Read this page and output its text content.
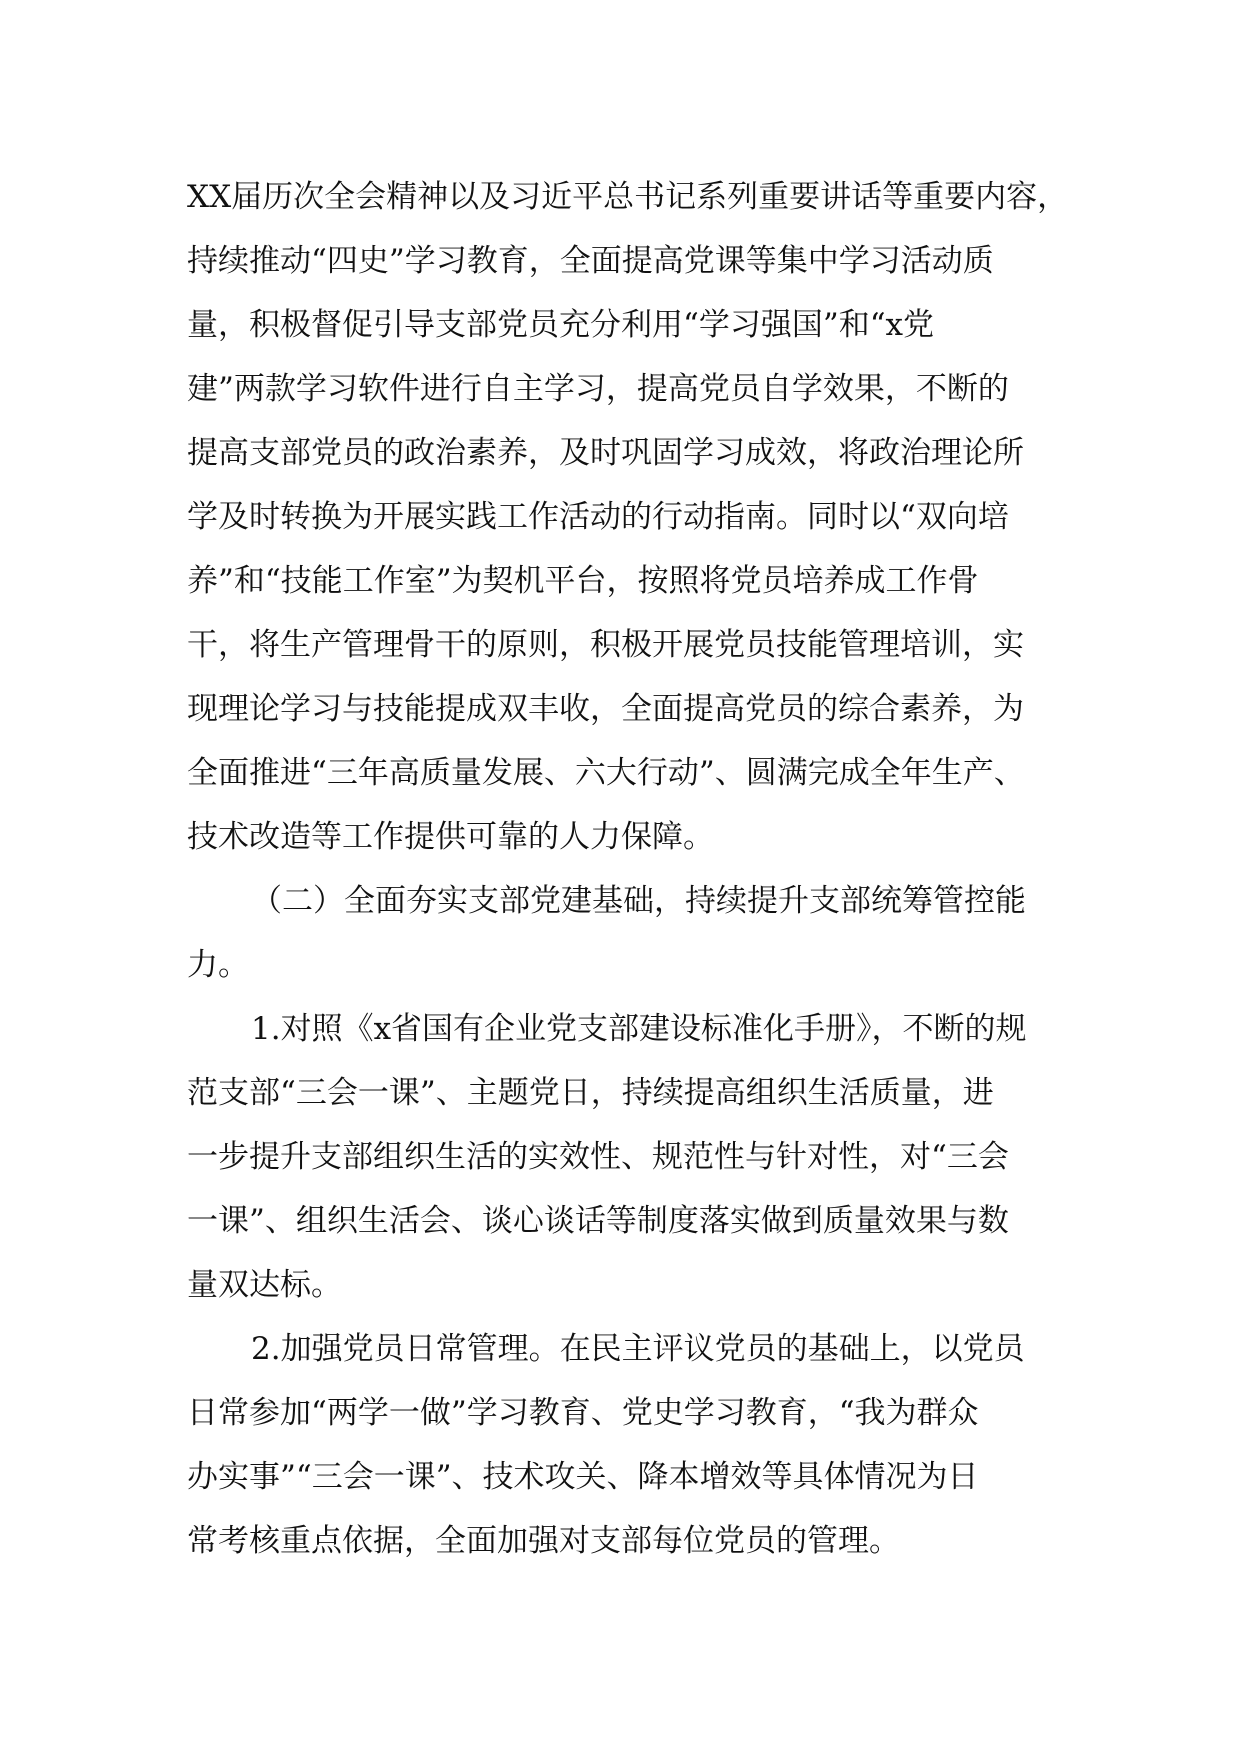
XX届历次全会精神以及习近平总书记系列重要讲话等重要内容，
持续推动“四史”学习教育，全面提高党课等集中学习活动质
量，积极督促引导支部党员充分利用“学习强国”和“x党
建”两款学习软件进行自主学习，提高党员自学效果，不断的
提高支部党员的政治素养，及时巩固学习成效，将政治理论所
学及时转换为开展实践工作活动的行动指南。同时以“双向培
养”和“技能工作室”为契机平台，按照将党员培养成工作骨
干，将生产管理骨干的原则，积极开展党员技能管理培训，实
现理论学习与技能提成双丰收，全面提高党员的综合素养，为
全面推进“三年高质量发展、六大行动”、圆满完成全年生产、
技术改造等工作提供可靠的人力保障。
（二）全面夯实支部党建基础，持续提升支部统筹管控能
力。
1.对照《x省国有企业党支部建设标准化手册》，不断的规
范支部“三会一课”、主题党日，持续提高组织生活质量，进
一步提升支部组织生活的实效性、规范性与针对性，对“三会
一课”、组织生活会、谈心谈话等制度落实做到质量效果与数
量双达标。
2.加强党员日常管理。在民主评议党员的基础上，以党员
日常参加“两学一做”学习教育、党史学习教育，“我为群众
办实事”“三会一课”、技术攻关、降本增效等具体情况为日
常考核重点依据，全面加强对支部每位党员的管理。
